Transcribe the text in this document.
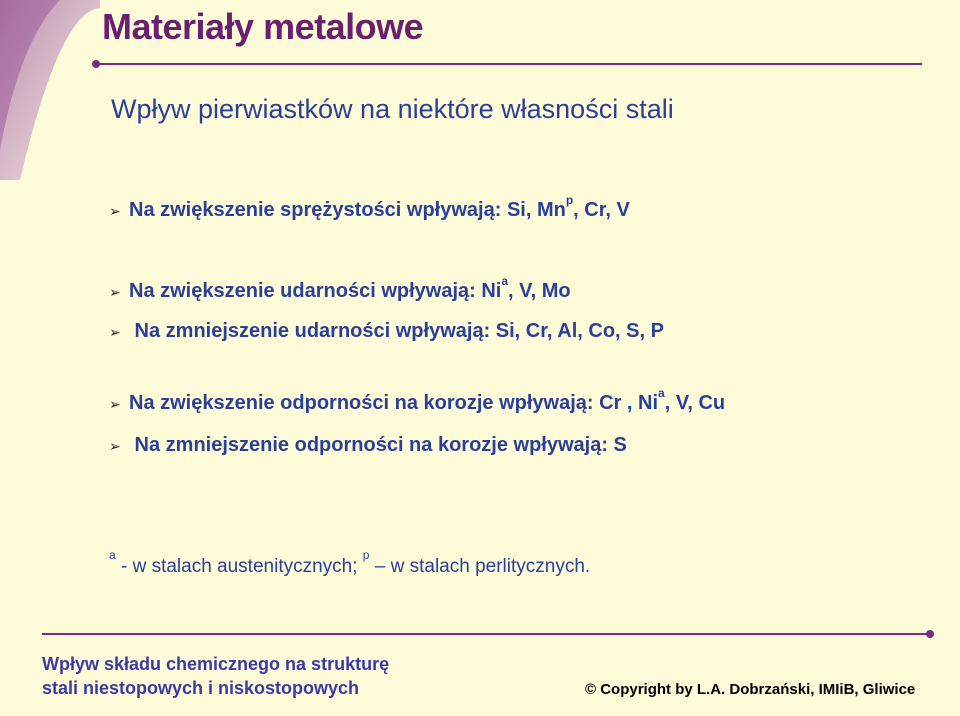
Materiały metalowe
Wpływ pierwiastków na niektóre własności stali
➢ Na zwiększenie sprężystości wpływają: Si, Mn$^p$, Cr, V
➢ Na zwiększenie udarności wpływają: Ni$^a$, V, Mo
➢ Na zmniejszenie udarności wpływają: Si, Cr, Al, Co, S, P
➢ Na zwiększenie odporności na korozje wpływają: Cr , Ni$^a$, V, Cu
➢ Na zmniejszenie odporności na korozje wpływają: S
$^a$ - w stalach austenitycznych; $^p$ – w stalach perlitycznych.
Wpływ składu chemicznego na strukturę
stali niestopowych i niskostopowych	© Copyright by L.A. Dobrzański, IMIiB, Gliwice
